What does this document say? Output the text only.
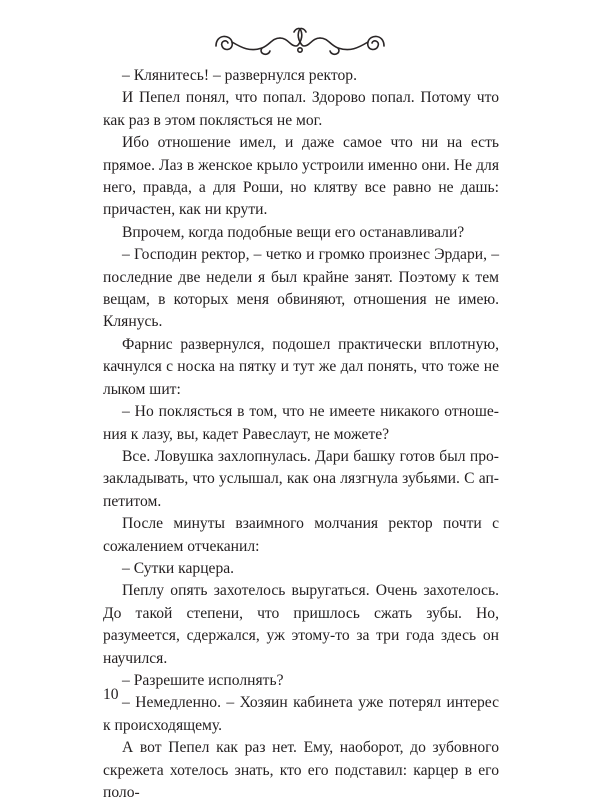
– Клянитесь! – развернулся ректор.

И Пепел понял, что попал. Здорово попал. Потому что как раз в этом поклясться не мог.

Ибо отношение имел, и даже самое что ни на есть прямое. Лаз в женское крыло устроили именно они. Не для него, правда, а для Роши, но клятву все равно не дашь: причастен, как ни крути.

Впрочем, когда подобные вещи его останавливали?

– Господин ректор, – четко и громко произнес Эрдари, – последние две недели я был крайне занят. Поэтому к тем вещам, в которых меня обвиняют, отношения не имею. Клянусь.

Фарнис развернулся, подошел практически вплотную, качнулся с носка на пятку и тут же дал понять, что тоже не лыком шит:

– Но поклясться в том, что не имеете никакого отношения к лазу, вы, кадет Равеслаут, не можете?

Все. Ловушка захлопнулась. Дари башку готов был прозакладывать, что услышал, как она лязгнула зубьями. С аппетитом.

После минуты взаимного молчания ректор почти с сожалением отчеканил:

– Сутки карцера.

Пеплу опять захотелось выругаться. Очень захотелось. До такой степени, что пришлось сжать зубы. Но, разумеется, сдержался, уж этому-то за три года здесь он научился.

– Разрешите исполнять?

– Немедленно. – Хозяин кабинета уже потерял интерес к происходящему.

А вот Пепел как раз нет. Ему, наоборот, до зубовного скрежета хотелось знать, кто его подставил: карцер в его поло-

10
